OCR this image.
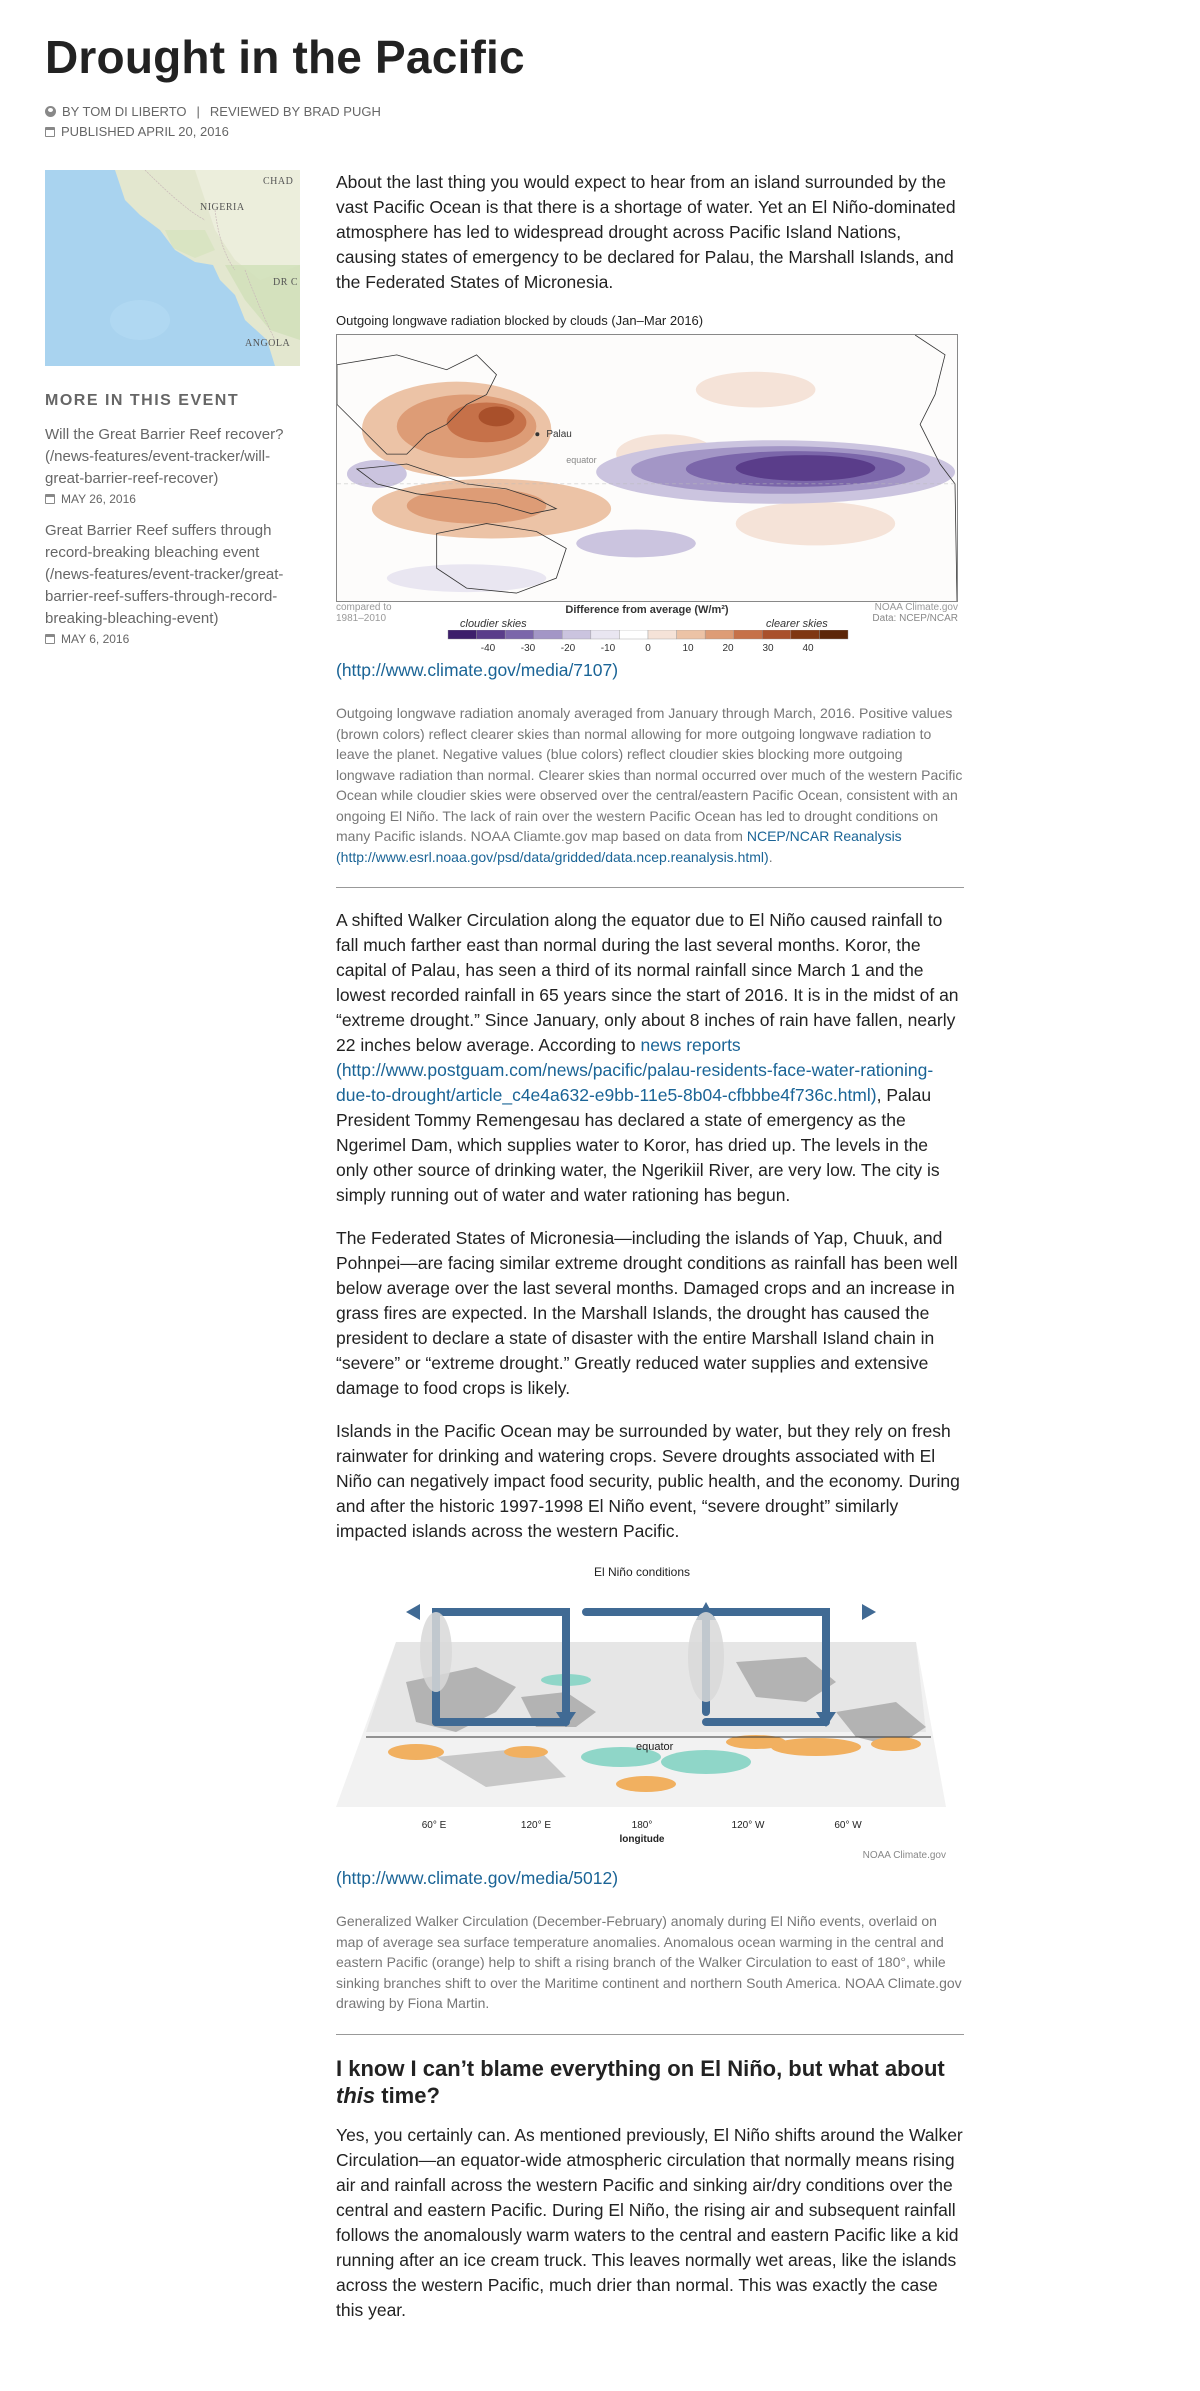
Drought in the Pacific
BY TOM DI LIBERTO | REVIEWED BY BRAD PUGH
PUBLISHED APRIL 20, 2016
CHAD
NIGERIA
DR C
ANGOLA
MORE IN THIS EVENT
Will the Great Barrier Reef recover? (/news-features/event-tracker/will-great-barrier-reef-recover)
MAY 26, 2016
Great Barrier Reef suffers through record-breaking bleaching event (/news-features/event-tracker/great-barrier-reef-suffers-through-record-breaking-bleaching-event)
MAY 6, 2016

About the last thing you would expect to hear from an island surrounded by the vast Pacific Ocean is that there is a shortage of water. Yet an El Niño-dominated atmosphere has led to widespread drought across Pacific Island Nations, causing states of emergency to be declared for Palau, the Marshall Islands, and the Federated States of Micronesia.

Outgoing longwave radiation blocked by clouds (Jan–Mar 2016)
Palau
equator
compared to 1981–2010
Difference from average (W/m²)	NOAA Climate.gov
Data: NCEP/NCAR
cloudier skies	clearer skies
-40	-30	-20	-10	0	10	20	30	40
(http://www.climate.gov/media/7107)
Outgoing longwave radiation anomaly averaged from January through March, 2016. Positive values (brown colors) reflect clearer skies than normal allowing for more outgoing longwave radiation to leave the planet. Negative values (blue colors) reflect cloudier skies blocking more outgoing longwave radiation than normal. Clearer skies than normal occurred over much of the western Pacific Ocean while cloudier skies were observed over the central/eastern Pacific Ocean, consistent with an ongoing El Niño. The lack of rain over the western Pacific Ocean has led to drought conditions on many Pacific islands. NOAA Cliamte.gov map based on data from NCEP/NCAR Reanalysis (http://www.esrl.noaa.gov/psd/data/gridded/data.ncep.reanalysis.html).

A shifted Walker Circulation along the equator due to El Niño caused rainfall to fall much farther east than normal during the last several months. Koror, the capital of Palau, has seen a third of its normal rainfall since March 1 and the lowest recorded rainfall in 65 years since the start of 2016. It is in the midst of an “extreme drought.” Since January, only about 8 inches of rain have fallen, nearly 22 inches below average. According to news reports (http://www.postguam.com/news/pacific/palau-residents-face-water-rationing-due-to-drought/article_c4e4a632-e9bb-11e5-8b04-cfbbbe4f736c.html), Palau President Tommy Remengesau has declared a state of emergency as the Ngerimel Dam, which supplies water to Koror, has dried up. The levels in the only other source of drinking water, the Ngerikiil River, are very low. The city is simply running out of water and water rationing has begun.

The Federated States of Micronesia—including the islands of Yap, Chuuk, and Pohnpei—are facing similar extreme drought conditions as rainfall has been well below average over the last several months. Damaged crops and an increase in grass fires are expected. In the Marshall Islands, the drought has caused the president to declare a state of disaster with the entire Marshall Island chain in “severe” or “extreme drought.” Greatly reduced water supplies and extensive damage to food crops is likely.

Islands in the Pacific Ocean may be surrounded by water, but they rely on fresh rainwater for drinking and watering crops. Severe droughts associated with El Niño can negatively impact food security, public health, and the economy. During and after the historic 1997-1998 El Niño event, “severe drought” similarly impacted islands across the western Pacific.

El Niño conditions
equator
60° E	120° E	180°	120° W	60° W
longitude
NOAA Climate.gov
(http://www.climate.gov/media/5012)
Generalized Walker Circulation (December-February) anomaly during El Niño events, overlaid on map of average sea surface temperature anomalies. Anomalous ocean warming in the central and eastern Pacific (orange) help to shift a rising branch of the Walker Circulation to east of 180°, while sinking branches shift to over the Maritime continent and northern South America. NOAA Climate.gov drawing by Fiona Martin.
I know I can’t blame everything on El Niño, but what about this time?

Yes, you certainly can. As mentioned previously, El Niño shifts around the Walker Circulation—an equator-wide atmospheric circulation that normally means rising air and rainfall across the western Pacific and sinking air/dry conditions over the central and eastern Pacific. During El Niño, the rising air and subsequent rainfall follows the anomalously warm waters to the central and eastern Pacific like a kid running after an ice cream truck. This leaves normally wet areas, like the islands across the western Pacific, much drier than normal. This was exactly the case this year.
